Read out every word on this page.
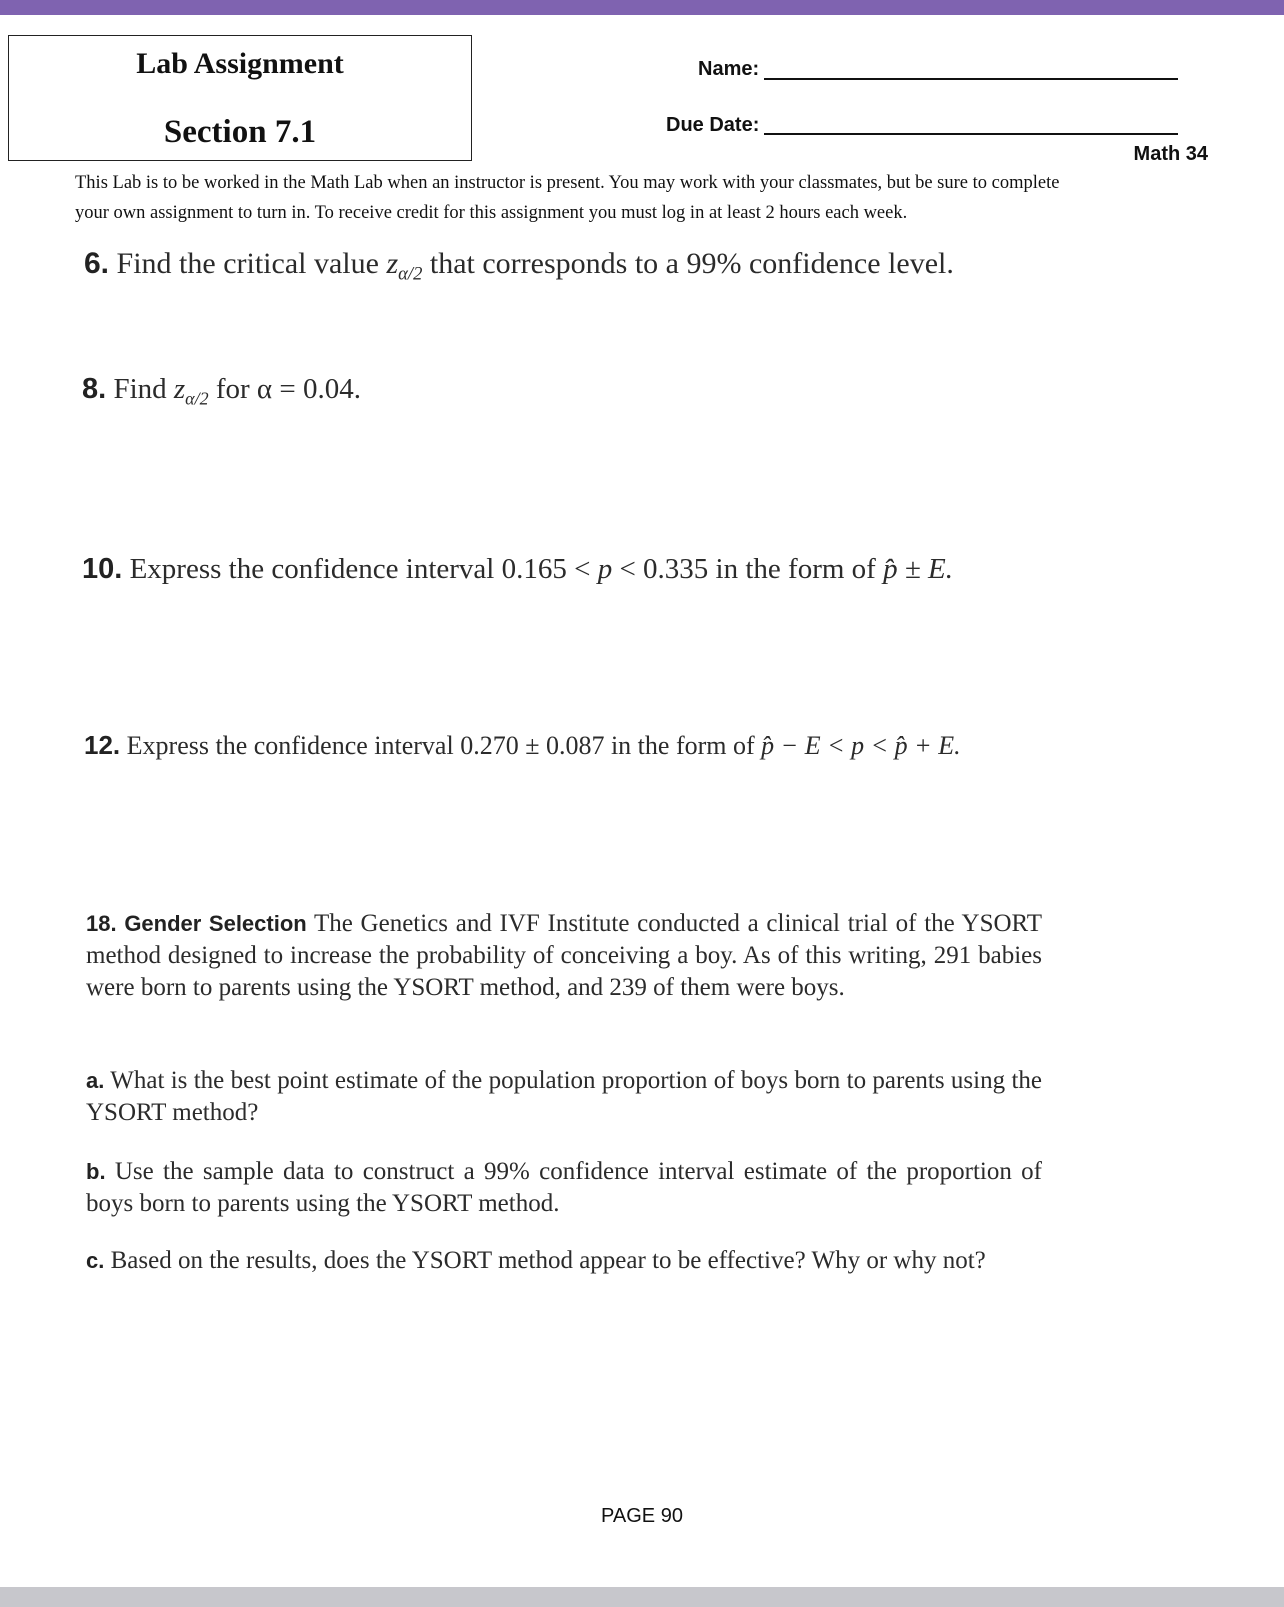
Lab Assignment
Section 7.1
Name:
Due Date:
Math 34
This Lab is to be worked in the Math Lab when an instructor is present. You may work with your classmates, but be sure to complete
your own assignment to turn in. To receive credit for this assignment you must log in at least 2 hours each week.
6. Find the critical value $z_{\alpha/2}$ that corresponds to a 99% confidence level.
8. Find $z_{\alpha/2}$ for α = 0.04.
10. Express the confidence interval 0.165 < p < 0.335 in the form of p̂ ± E.
12. Express the confidence interval 0.270 ± 0.087 in the form of p̂ − E < p < p̂ + E.
18. Gender Selection The Genetics and IVF Institute conducted a clinical trial of the YSORT method designed to increase the probability of conceiving a boy. As of this writing, 291 babies were born to parents using the YSORT method, and 239 of them were boys.
a. What is the best point estimate of the population proportion of boys born to parents using the YSORT method?
b. Use the sample data to construct a 99% confidence interval estimate of the proportion of boys born to parents using the YSORT method.
c. Based on the results, does the YSORT method appear to be effective? Why or why not?
PAGE 90
